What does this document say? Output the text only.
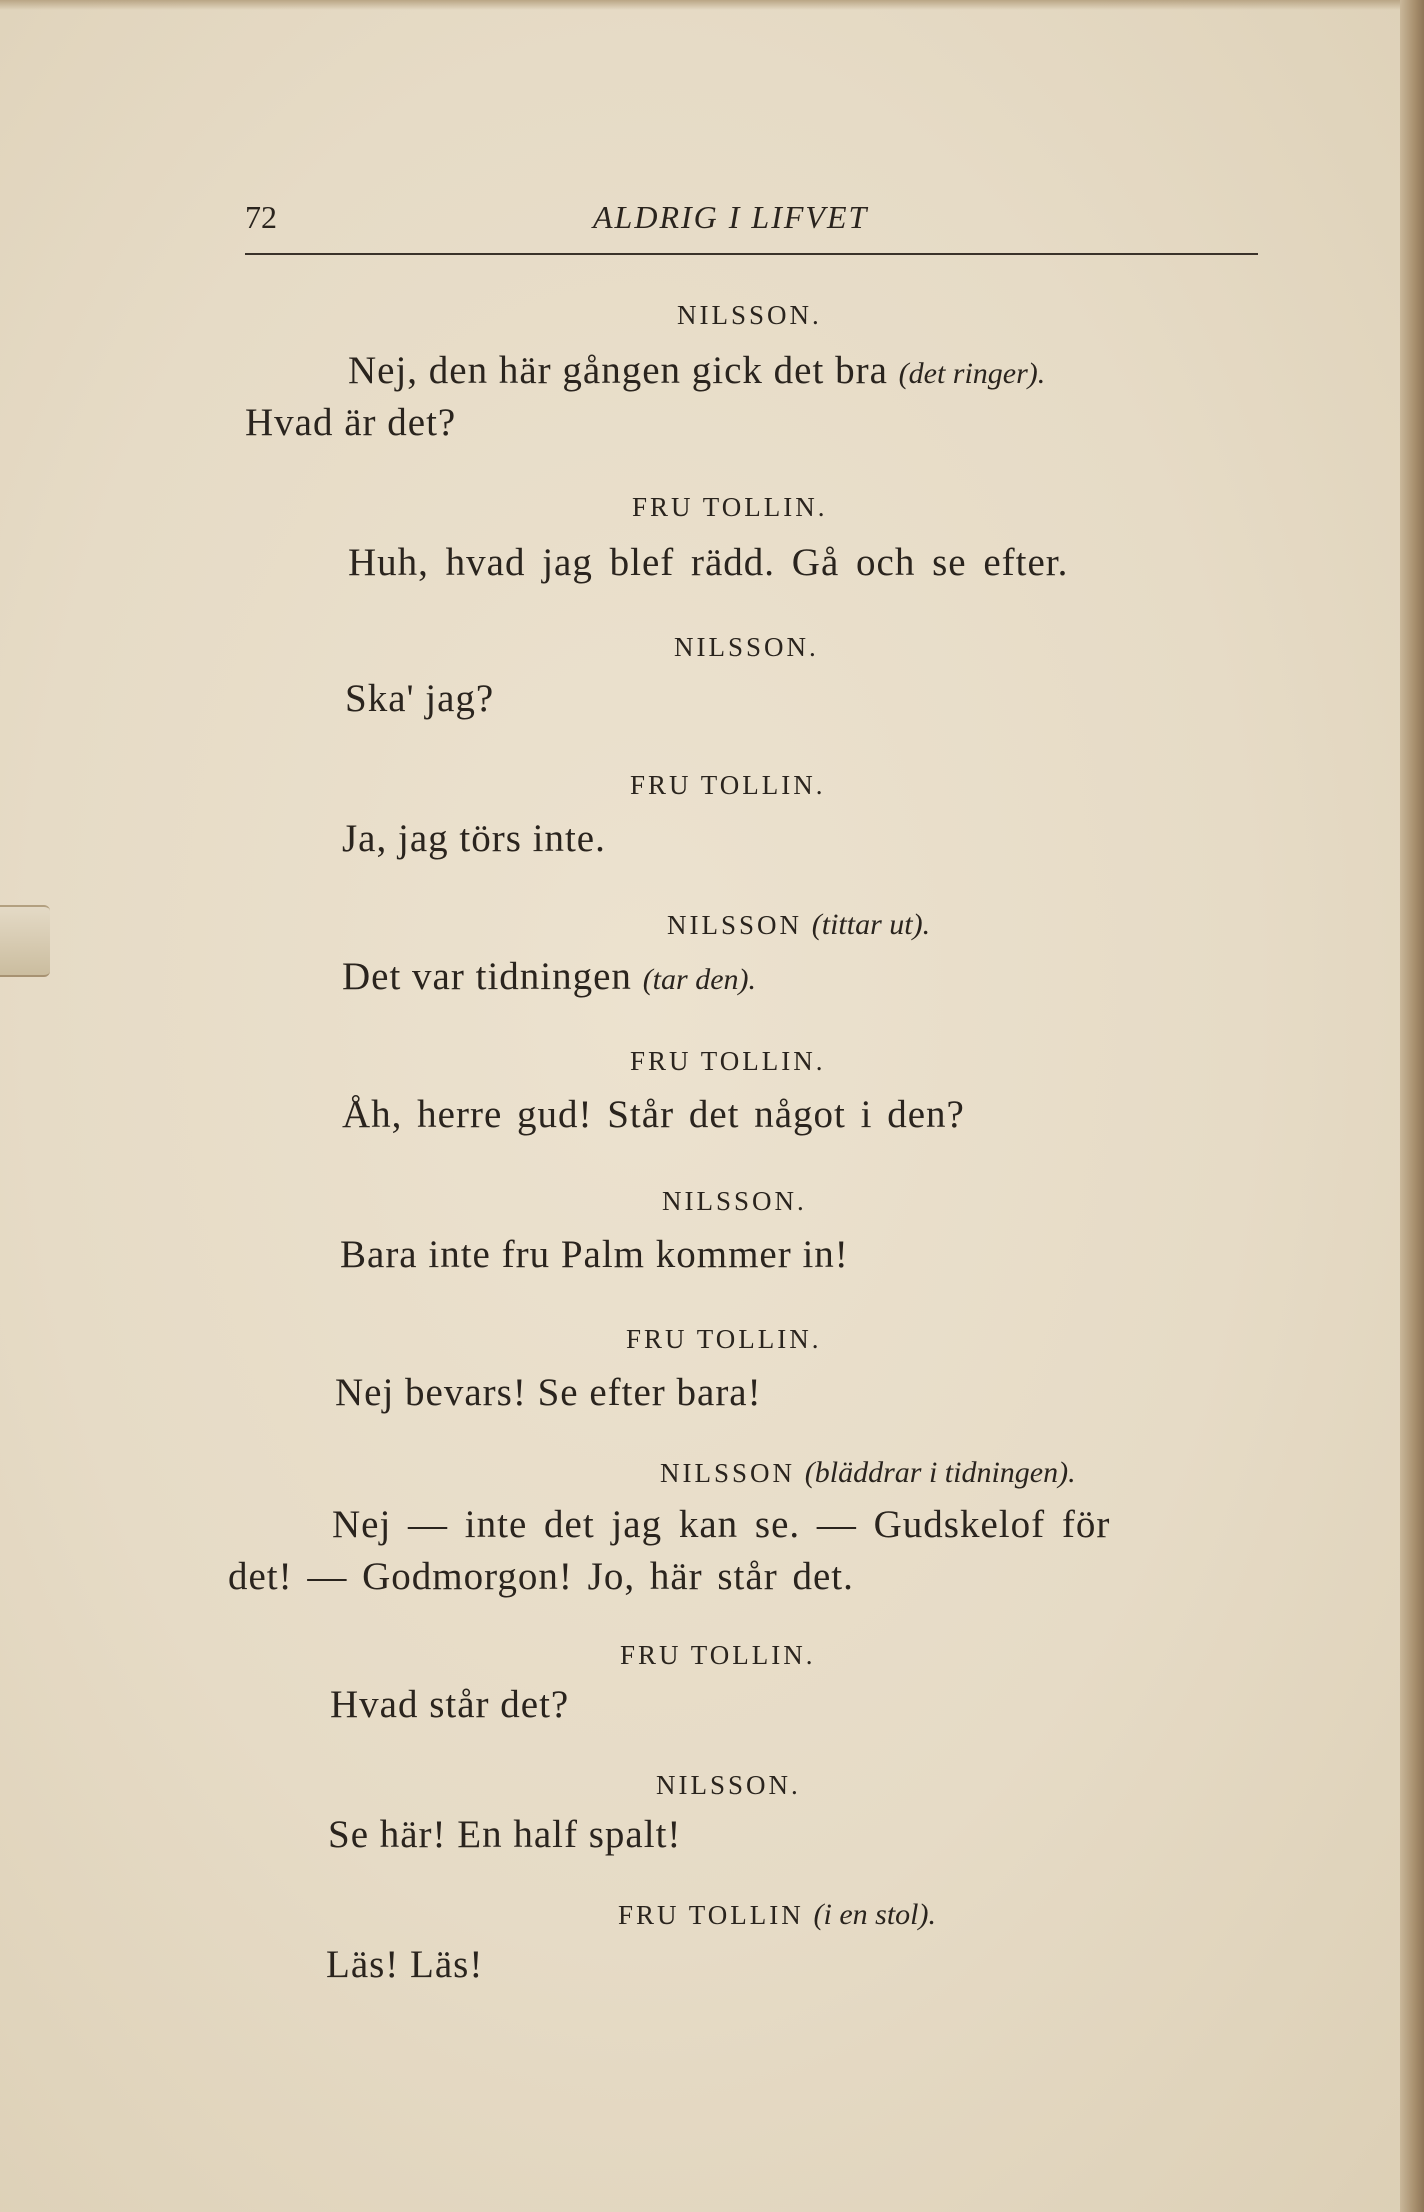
72	ALDRIG I LIFVET
NILSSON.
Nej, den här gången gick det bra (det ringer).
Hvad är det?
FRU TOLLIN.
Huh, hvad jag blef rädd. Gå och se efter.
NILSSON.
Ska' jag?
FRU TOLLIN.
Ja, jag törs inte.
NILSSON (tittar ut).
Det var tidningen (tar den).
FRU TOLLIN.
Åh, herre gud! Står det något i den?
NILSSON.
Bara inte fru Palm kommer in!
FRU TOLLIN.
Nej bevars! Se efter bara!
NILSSON (bläddrar i tidningen).
Nej — inte det jag kan se. — Gudskelof för
det! — Godmorgon! Jo, här står det.
FRU TOLLIN.
Hvad står det?
NILSSON.
Se här! En half spalt!
FRU TOLLIN (i en stol).
Läs! Läs!
